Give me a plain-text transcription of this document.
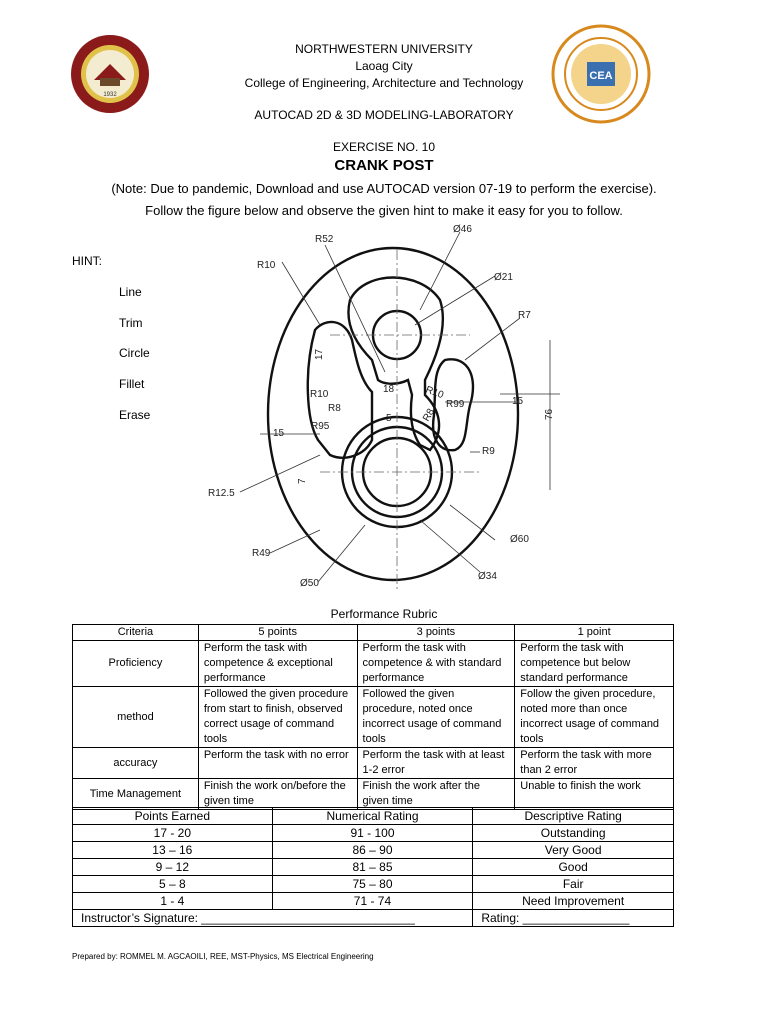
1932
CEA
NORTHWESTERN UNIVERSITY
Laoag City
College of Engineering, Architecture and Technology
AUTOCAD 2D & 3D MODELING-LABORATORY
EXERCISE NO. 10
CRANK POST
(Note: Due to pandemic, Download and use AUTOCAD version 07-19 to perform the exercise).
Follow the figure below and observe the given hint to make it easy for you to follow.
HINT:
Line
Trim
Circle
Fillet
Erase
R52
Ø46
R10
Ø21
R7
17
R10	18	R10
R8	R99	15
76
R8
5
15
R95
R9
7
R12.5
Ø60
R49
Ø50
Ø34
Performance Rubric
Criteria	5 points	3 points	1 point
Proficiency	Perform the task with competence & exceptional performance	Perform the task with competence & with standard performance	Perform the task with competence but below standard performance
method	Followed the given procedure from start to finish, observed correct usage of command tools	Followed the given procedure, noted once incorrect usage of command tools	Follow the given procedure, noted more than once incorrect usage of command tools
accuracy	Perform the task with no error	Perform the task with at least 1-2 error	Perform the task with more than 2 error
Time Management	Finish the work on/before the given time	Finish the work after the given time	Unable to finish the work
Points Earned	Numerical Rating	Descriptive Rating
17 - 20	91 - 100	Outstanding
13 – 16	86 – 90	Very Good
9 – 12	81 – 85	Good
5 – 8	75 – 80	Fair
1 - 4	71 - 74	Need Improvement
Instructor’s Signature: ________________________________		Rating: ________________
Prepared by: ROMMEL M. AGCAOILI, REE, MST-Physics, MS Electrical Engineering
